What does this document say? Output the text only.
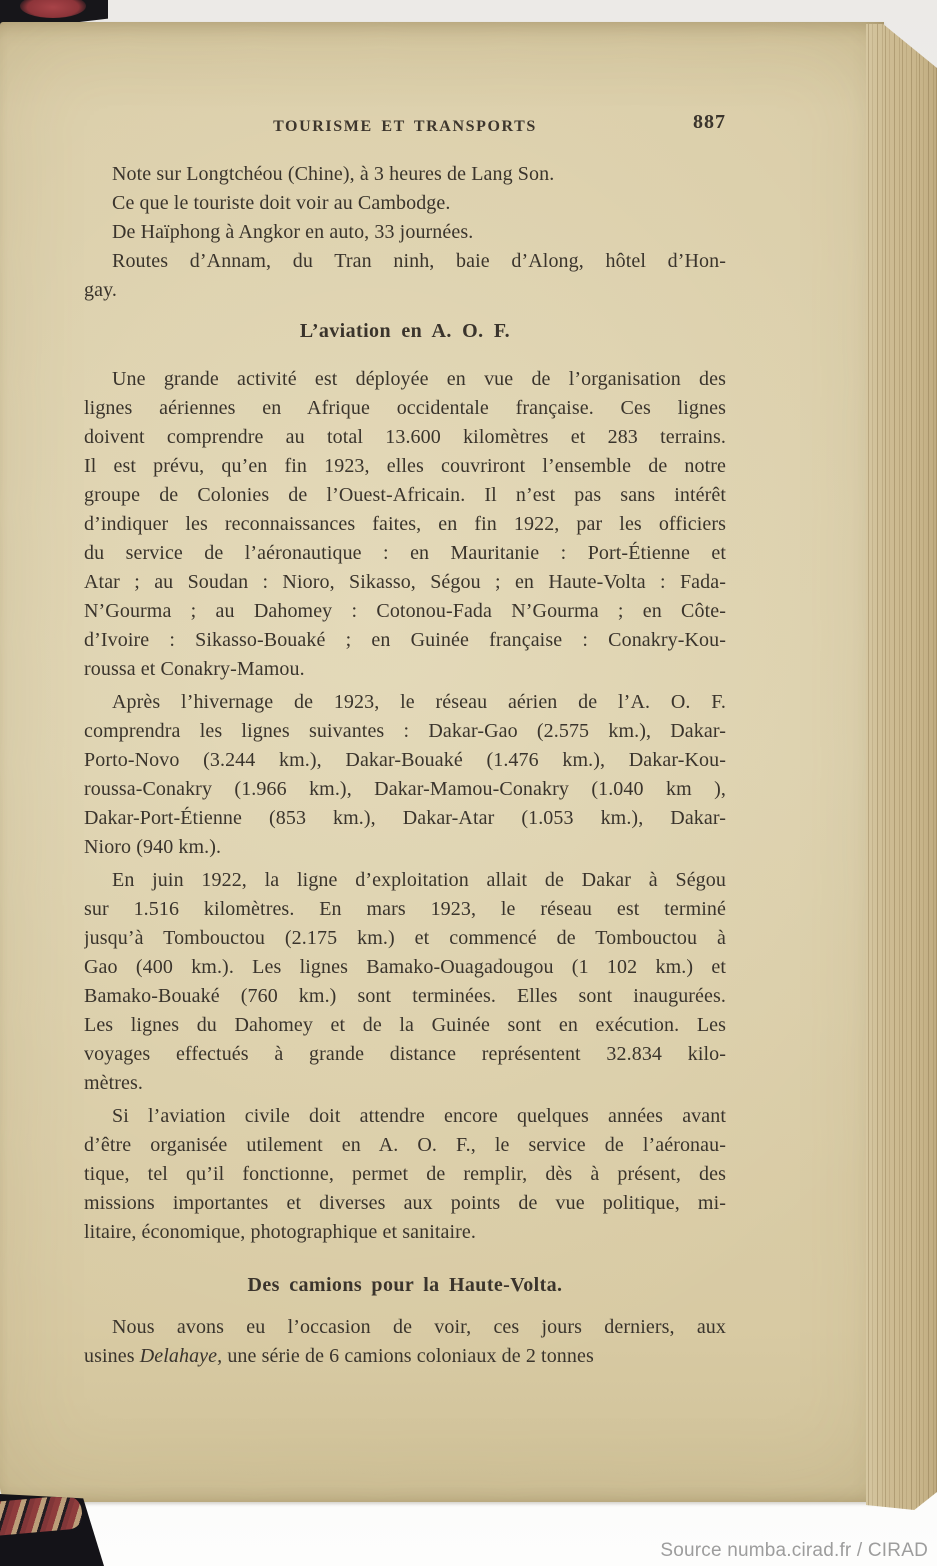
TOURISME ET TRANSPORTS	887
Note sur Longtchéou (Chine), à 3 heures de Lang Son.
Ce que le touriste doit voir au Cambodge.
De Haïphong à Angkor en auto, 33 journées.
Routes d’Annam, du Tran ninh, baie d’Along, hôtel d’Hon-
gay.
L’aviation en A. O. F.
Une grande activité est déployée en vue de l’organisation des
lignes aériennes en Afrique occidentale française. Ces lignes
doivent comprendre au total 13.600 kilomètres et 283 terrains.
Il est prévu, qu’en fin 1923, elles couvriront l’ensemble de notre
groupe de Colonies de l’Ouest-Africain. Il n’est pas sans intérêt
d’indiquer les reconnaissances faites, en fin 1922, par les officiers
du service de l’aéronautique : en Mauritanie : Port-Étienne et
Atar ; au Soudan : Nioro, Sikasso, Ségou ; en Haute-Volta : Fada-
N’Gourma ; au Dahomey : Cotonou-Fada N’Gourma ; en Côte-
d’Ivoire : Sikasso-Bouaké ; en Guinée française : Conakry-Kou-
roussa et Conakry-Mamou.
Après l’hivernage de 1923, le réseau aérien de l’A. O. F.
comprendra les lignes suivantes : Dakar-Gao (2.575 km.), Dakar-
Porto-Novo (3.244 km.), Dakar-Bouaké (1.476 km.), Dakar-Kou-
roussa-Conakry (1.966 km.), Dakar-Mamou-Conakry (1.040 km ),
Dakar-Port-Étienne (853 km.), Dakar-Atar (1.053 km.), Dakar-
Nioro (940 km.).
En juin 1922, la ligne d’exploitation allait de Dakar à Ségou
sur 1.516 kilomètres. En mars 1923, le réseau est terminé
jusqu’à Tombouctou (2.175 km.) et commencé de Tombouctou à
Gao (400 km.). Les lignes Bamako-Ouagadougou (1 102 km.) et
Bamako-Bouaké (760 km.) sont terminées. Elles sont inaugurées.
Les lignes du Dahomey et de la Guinée sont en exécution. Les
voyages effectués à grande distance représentent 32.834 kilo-
mètres.
Si l’aviation civile doit attendre encore quelques années avant
d’être organisée utilement en A. O. F., le service de l’aéronau-
tique, tel qu’il fonctionne, permet de remplir, dès à présent, des
missions importantes et diverses aux points de vue politique, mi-
litaire, économique, photographique et sanitaire.
Des camions pour la Haute-Volta.
Nous avons eu l’occasion de voir, ces jours derniers, aux
usines Delahaye, une série de 6 camions coloniaux de 2 tonnes
Source numba.cirad.fr / CIRAD
